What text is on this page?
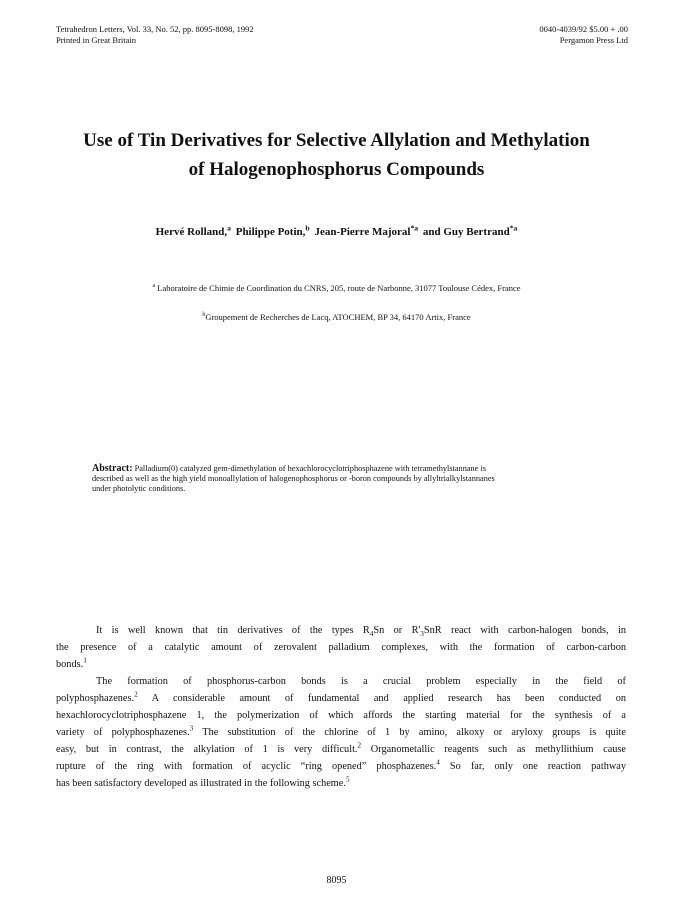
Tetrahedron Letters, Vol. 33, No. 52, pp. 8095-8098, 1992
Printed in Great Britain
0040-4039/92 $5.00 + .00
Pergamon Press Ltd
Use of Tin Derivatives for Selective Allylation and Methylation
of Halogenophosphorus Compounds
Hervé Rolland,$^a$ Philippe Potin,$^b$ Jean-Pierre Majoral$^{*a}$ and Guy Bertrand$^{*a}$
$^a$ Laboratoire de Chimie de Coordination du CNRS, 205, route de Narbonne, 31077 Toulouse Cédex, France
$^b$Groupement de Recherches de Lacq, ATOCHEM, BP 34, 64170 Artix, France
Abstract: Palladium(0) catalyzed gem-dimethylation of hexachlorocyclotriphosphazene with tetramethylstannane is
described as well as the high yield monoallylation of halogenophosphorus or -boron compounds by allyltrialkylstannanes
under photolytic conditions.
It is well known that tin derivatives of the types $R_4Sn$ or $R'_3SnR$ react with carbon-halogen bonds, in
the presence of a catalytic amount of zerovalent palladium complexes, with the formation of carbon-carbon
bonds.$^1$
The formation of phosphorus-carbon bonds is a crucial problem especially in the field of
polyphosphazenes.$^2$ A considerable amount of fundamental and applied research has been conducted on
hexachlorocyclotriphosphazene 1, the polymerization of which affords the starting material for the synthesis of a
variety of polyphosphazenes.$^3$ The substitution of the chlorine of 1 by amino, alkoxy or aryloxy groups is quite
easy, but in contrast, the alkylation of 1 is very difficult.$^2$ Organometallic reagents such as methyllithium cause
rupture of the ring with formation of acyclic “ring opened” phosphazenes.$^4$ So far, only one reaction pathway
has been satisfactory developed as illustrated in the following scheme.$^5$
8095
